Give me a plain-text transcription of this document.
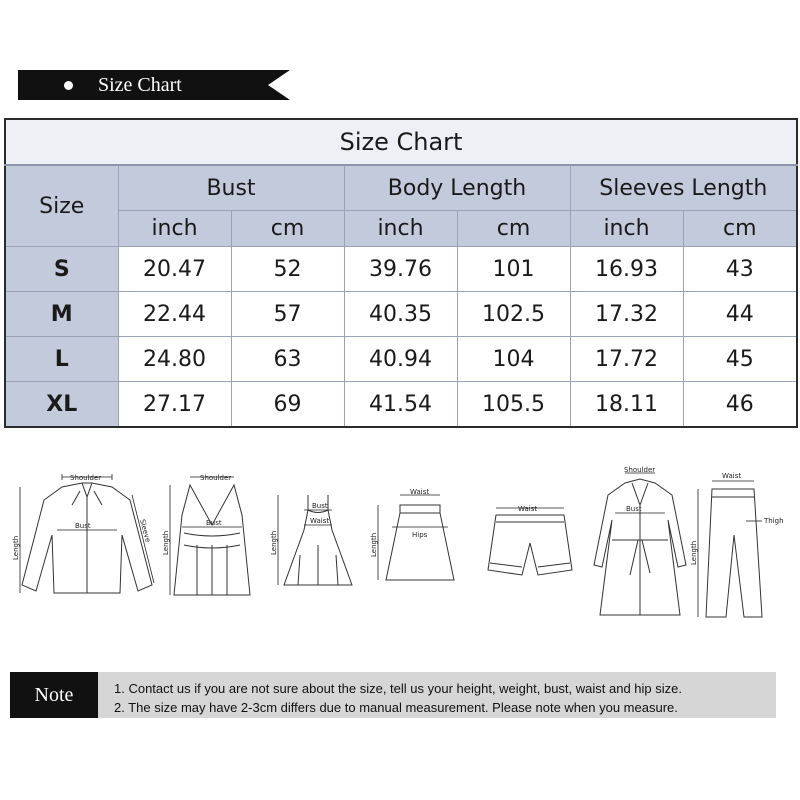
Size Chart
Size Chart						
Size	Bust		Body Length		Sleeves Length	
	inch	cm	inch	cm	inch	cm
S	20.47	52	39.76	101	16.93	43
M	22.44	57	40.35	102.5	17.32	44
L	24.80	63	40.94	104	17.72	45
XL	27.17	69	41.54	105.5	18.11	46
Shoulder
Bust
Length
Sleeve
Shoulder
Bust
Length
Bust
Waist
Length
Waist
Hips
Length
Waist
Shoulder
Bust
Waist
Thigh
Length
Note	1. Contact us if you are not sure about the size, tell us your height, weight, bust, waist and hip size.
2. The size may have 2-3cm differs due to manual measurement. Please note when you measure.
